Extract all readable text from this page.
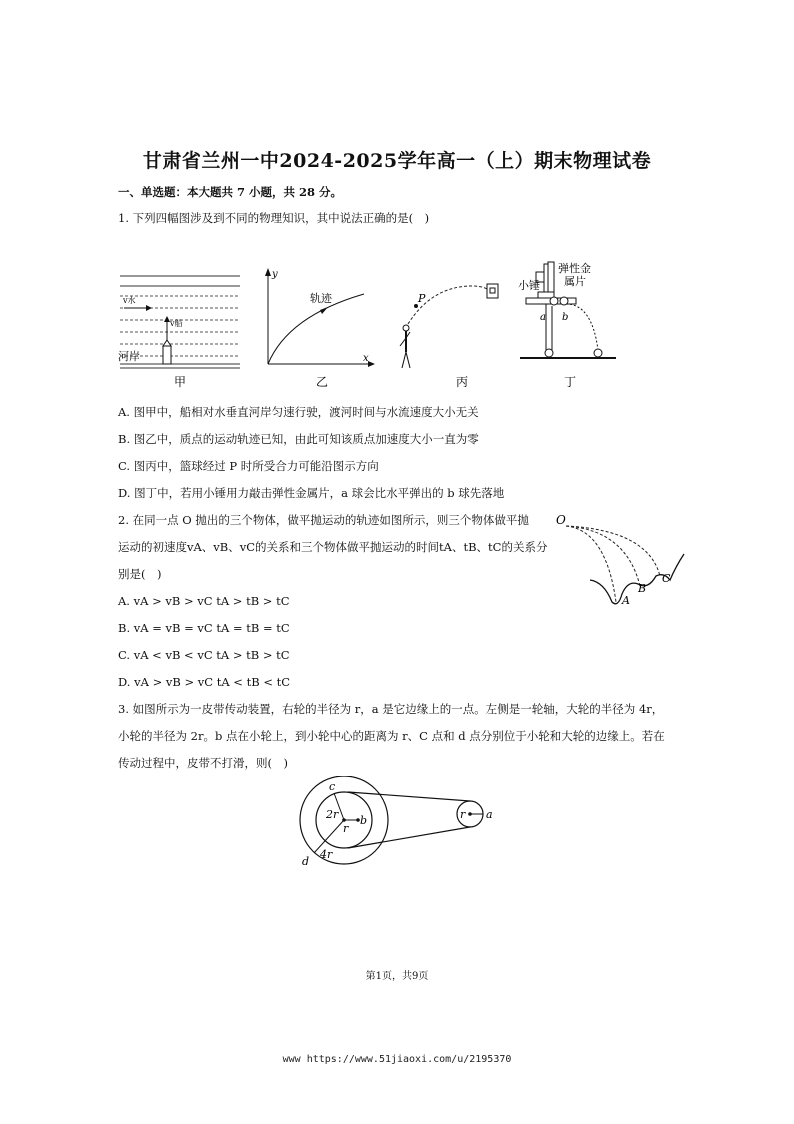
甘肃省兰州一中2024-2025学年高一（上）期末物理试卷
一、单选题：本大题共 7 小题，共 28 分。
1. 下列四幅图涉及到不同的物理知识，其中说法正确的是(　)
v水
v船
河岸
甲
y
x
轨迹
乙
P
丙
弹性金
属片
小锤
a b
丁
A. 图甲中，船相对水垂直河岸匀速行驶，渡河时间与水流速度大小无关
B. 图乙中，质点的运动轨迹已知，由此可知该质点加速度大小一直为零
C. 图丙中，篮球经过 P 时所受合力可能沿图示方向
D. 图丁中，若用小锤用力敲击弹性金属片，a 球会比水平弹出的 b 球先落地
2. 在同一点 O 抛出的三个物体，做平抛运动的轨迹如图所示，则三个物体做平抛
运动的初速度vA、vB、vC的关系和三个物体做平抛运动的时间tA、tB、tC的关系分
别是(　)
O
A
B
C
A. vA > vB > vC tA > tB > tC
B. vA = vB = vC tA = tB = tC
C. vA < vB < vC tA > tB > tC
D. vA > vB > vC tA < tB < tC
3. 如图所示为一皮带传动装置，右轮的半径为 r，a 是它边缘上的一点。左侧是一轮轴，大轮的半径为 4r，
小轮的半径为 2r。b 点在小轮上，到小轮中心的距离为 r、C 点和 d 点分别位于小轮和大轮的边缘上。若在
传动过程中，皮带不打滑，则(　)
c
2r b
r
d
4r
r a
第1页，共9页
www https://www.51jiaoxi.com/u/2195370
